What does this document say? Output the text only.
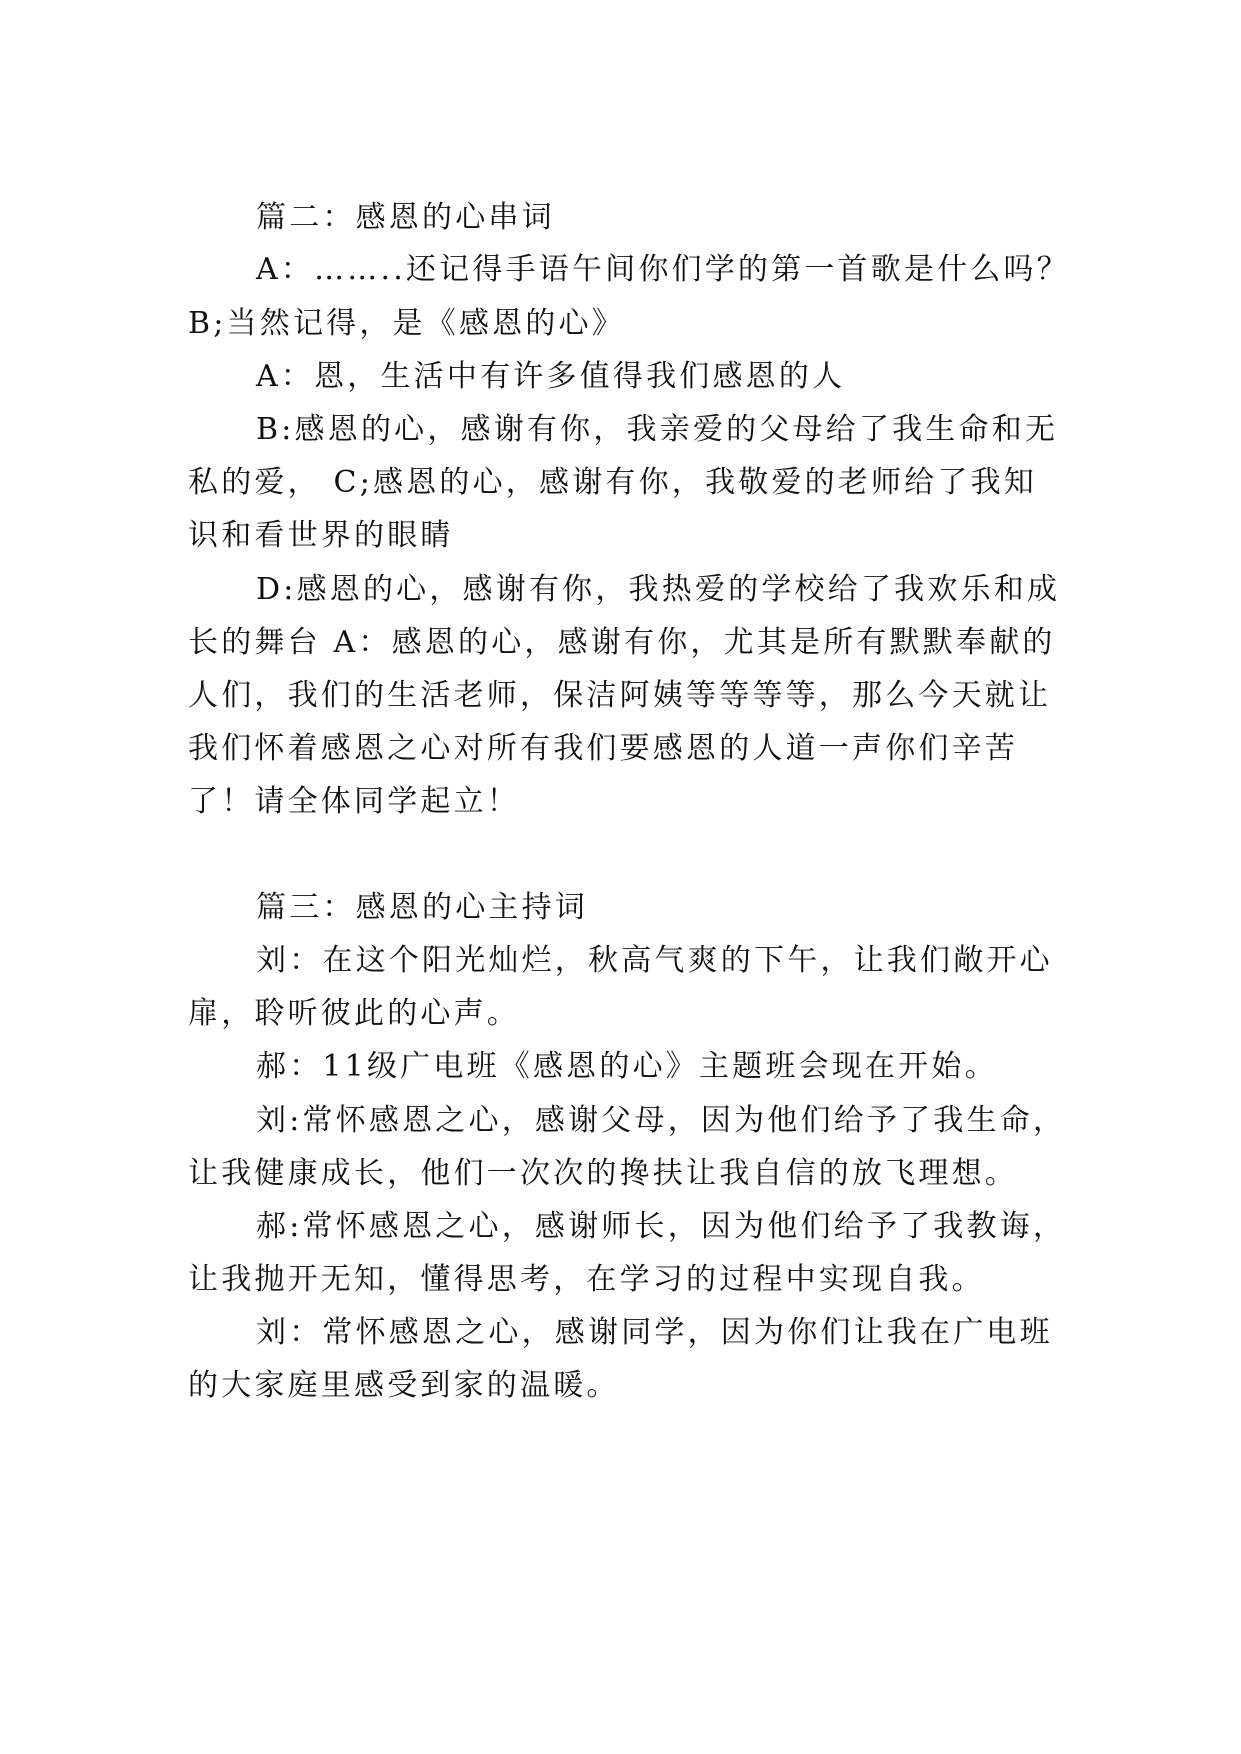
篇二：感恩的心串词

A：……..还记得手语午间你们学的第一首歌是什么吗？

B;当然记得，是《感恩的心》

A：恩，生活中有许多值得我们感恩的人

B:感恩的心，感谢有你，我亲爱的父母给了我生命和无

私的爱， C;感恩的心，感谢有你，我敬爱的老师给了我知

识和看世界的眼睛

D:感恩的心，感谢有你，我热爱的学校给了我欢乐和成

长的舞台 A：感恩的心，感谢有你，尤其是所有默默奉献的

人们，我们的生活老师，保洁阿姨等等等等，那么今天就让

我们怀着感恩之心对所有我们要感恩的人道一声你们辛苦

了！请全体同学起立！

篇三：感恩的心主持词

刘：在这个阳光灿烂，秋高气爽的下午，让我们敞开心

扉，聆听彼此的心声。

郝：11级广电班《感恩的心》主题班会现在开始。

刘:常怀感恩之心，感谢父母，因为他们给予了我生命，

让我健康成长，他们一次次的搀扶让我自信的放飞理想。

郝:常怀感恩之心，感谢师长，因为他们给予了我教诲，

让我抛开无知，懂得思考，在学习的过程中实现自我。

刘：常怀感恩之心，感谢同学，因为你们让我在广电班

的大家庭里感受到家的温暖。
